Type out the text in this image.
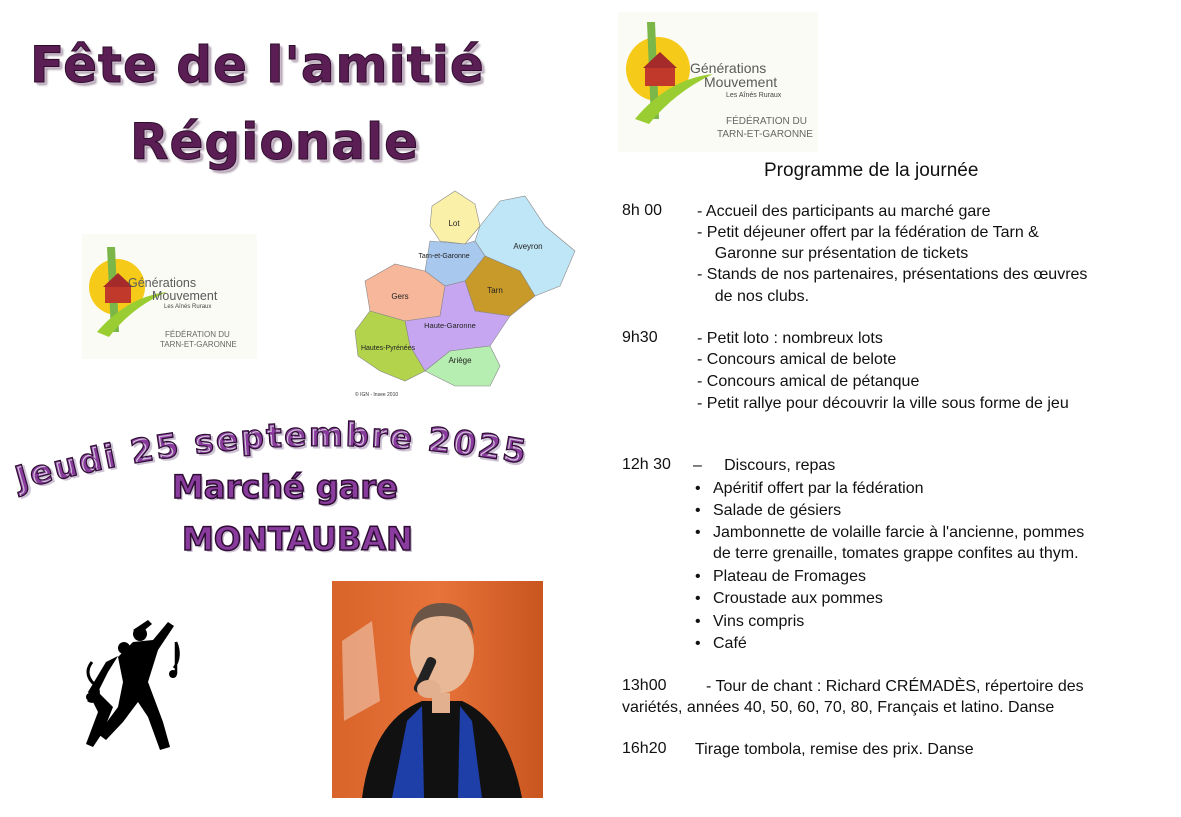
Fête de l'amitié
Régionale
Générations
Mouvement
Les Aînés Ruraux
FÉDÉRATION DU
TARN-ET-GARONNE
Générations
Mouvement
Les Aînés Ruraux
FÉDÉRATION DU
TARN-ET-GARONNE
Lot
Aveyron
Tarn-et-Garonne
Tarn
Gers
Haute-Garonne
Hautes-Pyrénées
Ariège
© IGN - Insee 2010
Jeudi 25 septembre 2025
Marché gare
MONTAUBAN
Programme de la journée
8h 00 - Accueil des participants au marché gare
- Petit déjeuner offert par la fédération de Tarn &
Garonne sur présentation de tickets
- Stands de nos partenaires, présentations des œuvres
de nos clubs.
9h30 - Petit loto : nombreux lots
- Concours amical de belote
- Concours amical de pétanque
- Petit rallye pour découvrir la ville sous forme de jeu
12h 30 –     Discours, repas
• Apéritif offert par la fédération
• Salade de gésiers
• Jambonnette de volaille farcie à l'ancienne, pommes
de terre grenaille, tomates grappe confites au thym.
• Plateau de Fromages
• Croustade aux pommes
• Vins compris
• Café
13h00 - Tour de chant : Richard CRÉMADÈS, répertoire des
variétés, années 40, 50, 60, 70, 80, Français et latino. Danse
16h20 Tirage tombola, remise des prix. Danse
